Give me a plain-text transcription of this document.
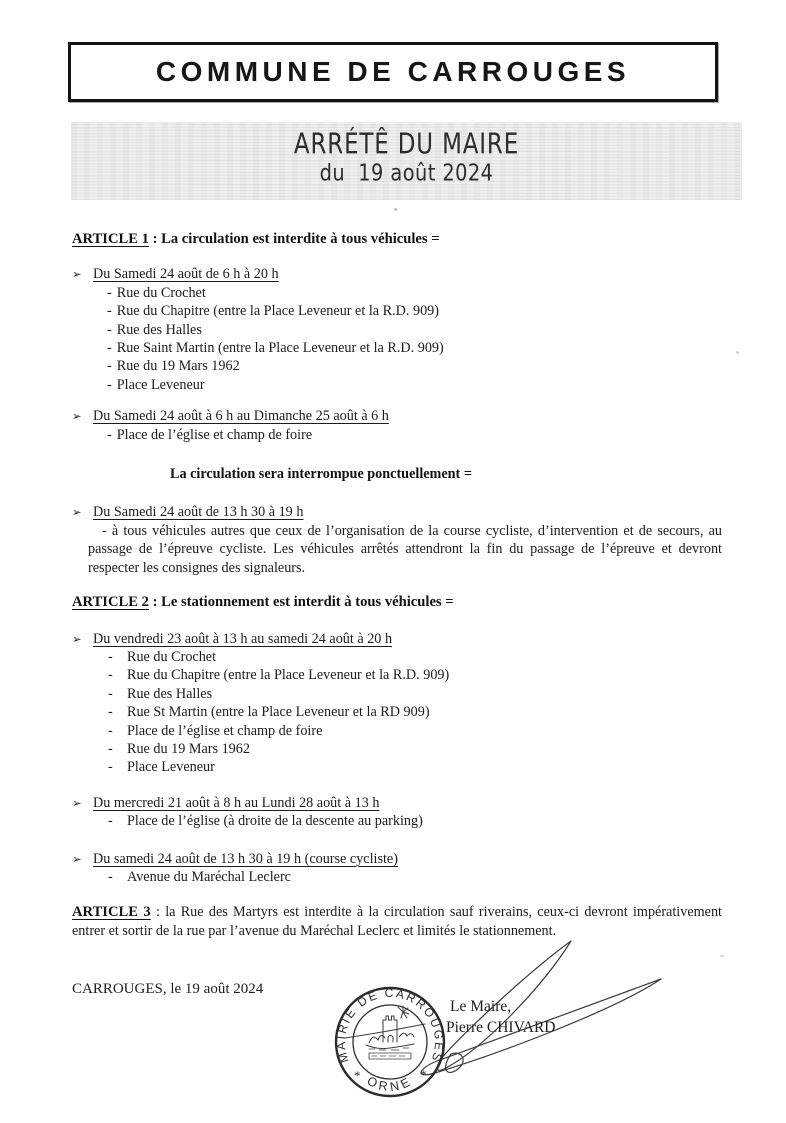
COMMUNE DE CARROUGES
ARRÉTÊ DU MAIRE
du  19 août 2024
ARTICLE 1 : La circulation est interdite à tous véhicules =
➢ Du Samedi 24 août de 6 h à 20 h
- Rue du Crochet
- Rue du Chapitre (entre la Place Leveneur et la R.D. 909)
- Rue des Halles
- Rue Saint Martin (entre la Place Leveneur et la R.D. 909)
- Rue du 19 Mars 1962
- Place Leveneur
➢ Du Samedi 24 août à 6 h au Dimanche 25 août à 6 h
- Place de l’église et champ de foire
La circulation sera interrompue ponctuellement =
➢ Du Samedi 24 août de 13 h 30 à 19 h

- à tous véhicules autres que ceux de l’organisation de la course cycliste, d’intervention et de secours, au passage de l’épreuve cycliste. Les véhicules arrêtés attendront la fin du passage de l’épreuve et devront respecter les consignes des signaleurs.

ARTICLE 2 : Le stationnement est interdit à tous véhicules =
➢ Du vendredi 23 août à 13 h au samedi 24 août à 20 h
- Rue du Crochet
- Rue du Chapitre (entre la Place Leveneur et la R.D. 909)
- Rue des Halles
- Rue St Martin (entre la Place Leveneur et la RD 909)
- Place de l’église et champ de foire
- Rue du 19 Mars 1962
- Place Leveneur
➢ Du mercredi 21 août à 8 h au Lundi 28 août à 13 h
- Place de l’église (à droite de la descente au parking)
➢ Du samedi 24 août de 13 h 30 à 19 h (course cycliste)
- Avenue du Maréchal Leclerc

ARTICLE 3 : la Rue des Martyrs est interdite à la circulation sauf riverains, ceux-ci devront impérativement entrer et sortir de la rue par l’avenue du Maréchal Leclerc et limités le stationnement.

CARROUGES, le 19 août 2024
Le Maire,
Pierre CHIVARD
MAIRIE DE CARROUGES
ORNE
*	*
